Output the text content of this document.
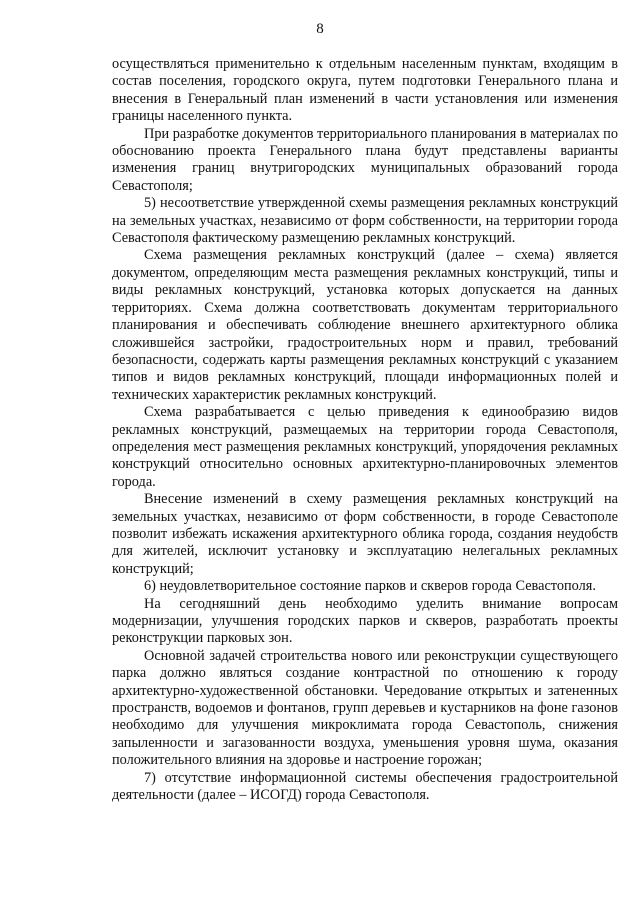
8

осуществляться применительно к отдельным населенным пунктам, входящим в состав поселения, городского округа, путем подготовки Генерального плана и внесения в Генеральный план изменений в части установления или изменения границы населенного пункта.

При разработке документов территориального планирования в материалах по обоснованию проекта Генерального плана будут представлены варианты изменения границ внутригородских муниципальных образований города Севастополя;

5) несоответствие утвержденной схемы размещения рекламных конструкций на земельных участках, независимо от форм собственности, на территории города Севастополя фактическому размещению рекламных конструкций.

Схема размещения рекламных конструкций (далее – схема) является документом, определяющим места размещения рекламных конструкций, типы и виды рекламных конструкций, установка которых допускается на данных территориях. Схема должна соответствовать документам территориального планирования и обеспечивать соблюдение внешнего архитектурного облика сложившейся застройки, градостроительных норм и правил, требований безопасности, содержать карты размещения рекламных конструкций с указанием типов и видов рекламных конструкций, площади информационных полей и технических характеристик рекламных конструкций.

Схема разрабатывается с целью приведения к единообразию видов рекламных конструкций, размещаемых на территории города Севастополя, определения мест размещения рекламных конструкций, упорядочения рекламных конструкций относительно основных архитектурно-планировочных элементов города.

Внесение изменений в схему размещения рекламных конструкций на земельных участках, независимо от форм собственности, в городе Севастополе позволит избежать искажения архитектурного облика города, создания неудобств для жителей, исключит установку и эксплуатацию нелегальных рекламных конструкций;

6) неудовлетворительное состояние парков и скверов города Севастополя.

На сегодняшний день необходимо уделить внимание вопросам модернизации, улучшения городских парков и скверов, разработать проекты реконструкции парковых зон.

Основной задачей строительства нового или реконструкции существующего парка должно являться создание контрастной по отношению к городу архитектурно-художественной обстановки. Чередование открытых и затененных пространств, водоемов и фонтанов, групп деревьев и кустарников на фоне газонов необходимо для улучшения микроклимата города Севастополь, снижения запыленности и загазованности воздуха, уменьшения уровня шума, оказания положительного влияния на здоровье и настроение горожан;

7) отсутствие информационной системы обеспечения градостроительной деятельности (далее – ИСОГД) города Севастополя.
